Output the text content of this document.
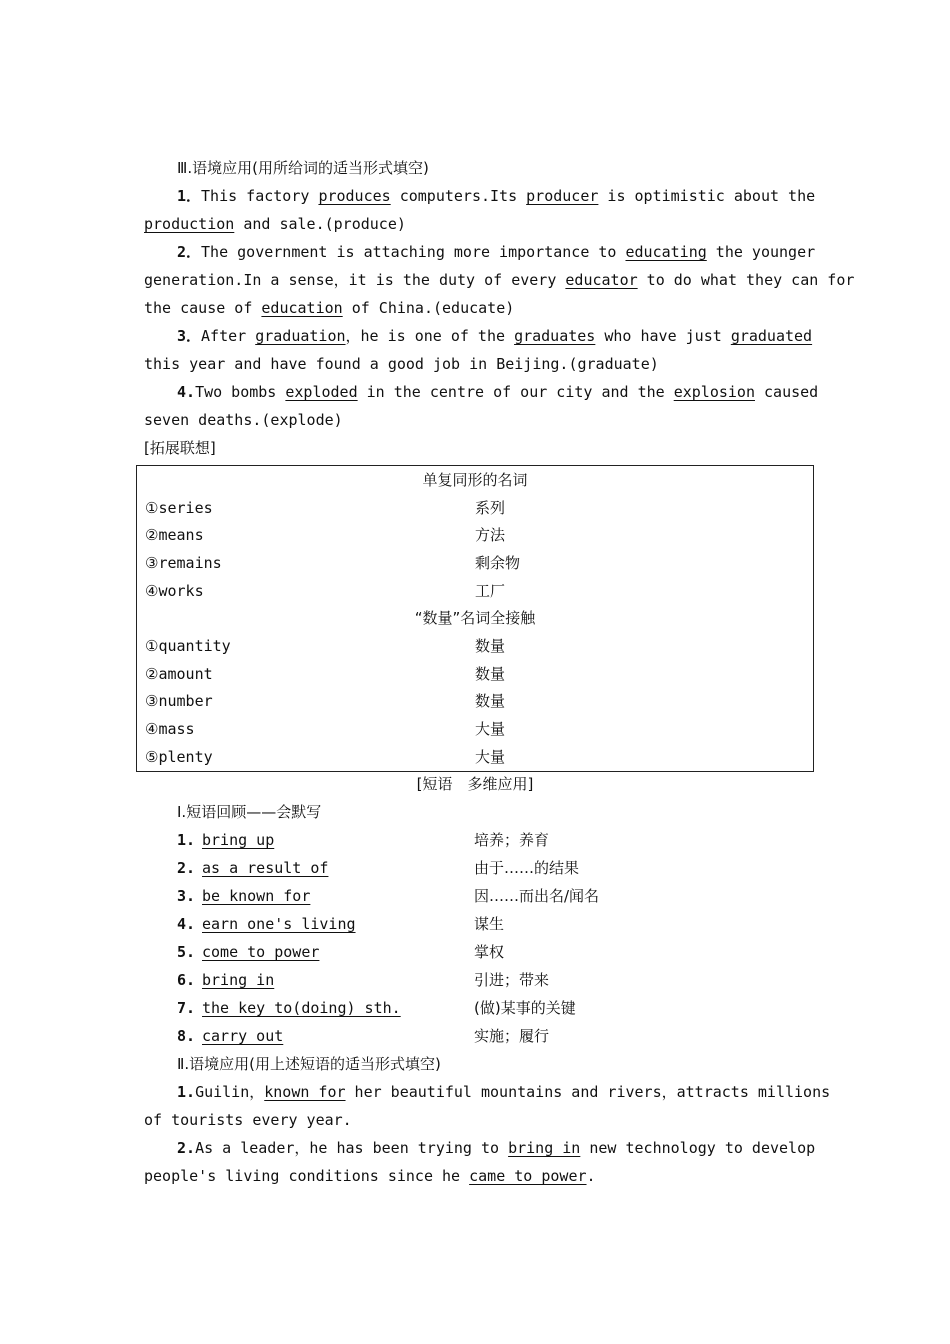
Ⅲ.语境应用(用所给词的适当形式填空)
1．This factory produces computers.Its producer is optimistic about the
production and sale.(produce)
2．The government is attaching more importance to educating the younger
generation.In a sense，it is the duty of every educator to do what they can for
the cause of education of China.(educate)
3．After graduation，he is one of the graduates who have just graduated
this year and have found a good job in Beijing.(graduate)
4.Two bombs exploded in the centre of our city and the explosion caused
seven deaths.(explode)
[拓展联想]
单复同形的名词	
①series	系列
②means	方法
③remains	剩余物
④works	工厂
“数量”名词全接触	
①quantity	数量
②amount	数量
③number	数量
④mass	大量
⑤plenty	大量
[短语　多维应用]
Ⅰ.短语回顾——会默写
1. bring up	培养；养育
2. as a result of	由于……的结果
3. be known for	因……而出名/闻名
4. earn one's living	谋生
5. come to power	掌权
6. bring in	引进；带来
7. the key to(doing) sth.	(做)某事的关键
8. carry out	实施；履行
Ⅱ.语境应用(用上述短语的适当形式填空)
1.Guilin，known for her beautiful mountains and rivers，attracts millions
of tourists every year.
2.As a leader，he has been trying to bring in new technology to develop
people's living conditions since he came to power.
